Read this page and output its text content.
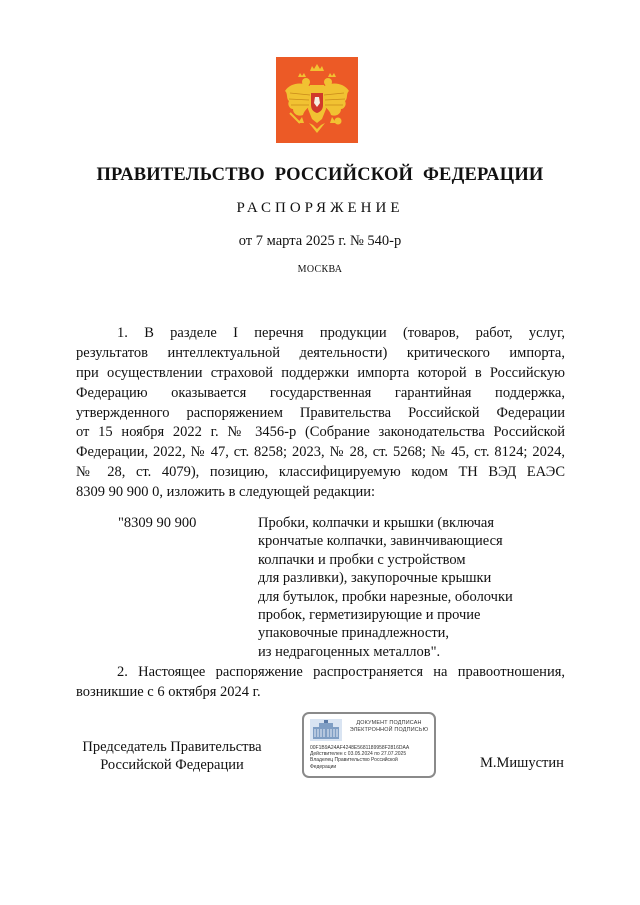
ПРАВИТЕЛЬСТВО РОССИЙСКОЙ ФЕДЕРАЦИИ
РАСПОРЯЖЕНИЕ
от 7 марта 2025 г. № 540-р
МОСКВА
1. В разделе I перечня продукции (товаров, работ, услуг,
результатов интеллектуальной деятельности) критического импорта,
при осуществлении страховой поддержки импорта которой в Российскую
Федерацию оказывается государственная гарантийная поддержка,
утвержденного распоряжением Правительства Российской Федерации
от 15 ноября 2022 г. № 3456-р (Собрание законодательства Российской
Федерации, 2022, № 47, ст. 8258; 2023, № 28, ст. 5268; № 45, ст. 8124; 2024,
№ 28, ст. 4079), позицию, классифицируемую кодом ТН ВЭД ЕАЭС
8309 90 900 0, изложить в следующей редакции:
"8309 90 900	Пробки, колпачки и крышки (включая
крончатые колпачки, завинчивающиеся
колпачки и пробки с устройством
для разливки), закупорочные крышки
для бутылок, пробки нарезные, оболочки
пробок, герметизирующие и прочие
упаковочные принадлежности,
из недрагоценных металлов".
2. Настоящее распоряжение распространяется на правоотношения,
возникшие с 6 октября 2024 г.
Председатель Правительства
Российской Федерации
ДОКУМЕНТ ПОДПИСАН
ЭЛЕКТРОННОЙ ПОДПИСЬЮ
00F1B9A24AF4248E5681189958F2816DAA
Действителен с 03.05.2024 по 27.07.2025
Владелец Правительство Российской
Федерации	М.Мишустин
